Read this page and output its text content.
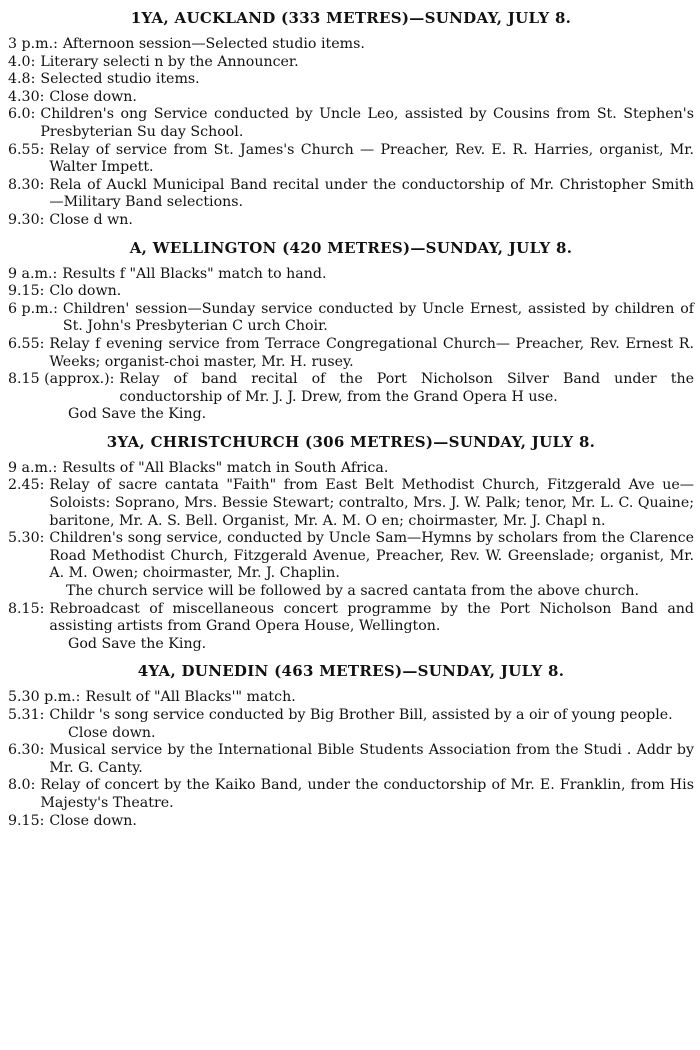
1YA, AUCKLAND (333 METRES)—SUNDAY, JULY 8.
3 p.m.: Afternoon session—Selected studio items.
4.0: Literary selecti n by the Announcer.
4.8: Selected studio items.
4.30: Close down.
6.0: Children's ong Service conducted by Uncle Leo, assisted by Cousins from St. Stephen's Presbyterian Su day School.
6.55: Relay of service from St. James's Church — Preacher, Rev. E. R. Harries, organist, Mr. Walter Impett.
8.30: Rela of Auckl Municipal Band recital under the conductorship of Mr. Christopher Smith—Military Band selections.
9.30: Close d wn.
A, WELLINGTON (420 METRES)—SUNDAY, JULY 8.
9 a.m.: Results f "All Blacks" match to hand.
9.15: Clo down.
6 p.m.: Children' session—Sunday service conducted by Uncle Ernest, assisted by children of St. John's Presbyterian C urch Choir.
6.55: Relay f evening service from Terrace Congregational Church— Preacher, Rev. Ernest R. Weeks; organist-choi master, Mr. H. rusey.
8.15 (approx.): Relay of band recital of the Port Nicholson Silver Band under the conductorship of Mr. J. J. Drew, from the Grand Opera H use.
God Save the King.
3YA, CHRISTCHURCH (306 METRES)—SUNDAY, JULY 8.
9 a.m.: Results of "All Blacks" match in South Africa.
2.45: Relay of sacre cantata "Faith" from East Belt Methodist Church, Fitzgerald Ave ue—Soloists: Soprano, Mrs. Bessie Stewart; contralto, Mrs. J. W. Palk; tenor, Mr. L. C. Quaine; baritone, Mr. A. S. Bell. Organist, Mr. A. M. O en; choirmaster, Mr. J. Chapl n.
5.30: Children's song service, conducted by Uncle Sam—Hymns by scholars from the Clarence Road Methodist Church, Fitzgerald Avenue, Preacher, Rev. W. Greenslade; organist, Mr. A. M. Owen; choirmaster, Mr. J. Chaplin.
The church service will be followed by a sacred cantata from the above church.
8.15: Rebroadcast of miscellaneous concert programme by the Port Nicholson Band and assisting artists from Grand Opera House, Wellington.
God Save the King.
4YA, DUNEDIN (463 METRES)—SUNDAY, JULY 8.
5.30 p.m.: Result of "All Blacks'" match.
5.31: Childr 's song service conducted by Big Brother Bill, assisted by a oir of young people.
Close down.
6.30: Musical service by the International Bible Students Association from the Studi . Addr by Mr. G. Canty.
8.0: Relay of concert by the Kaiko Band, under the conductorship of Mr. E. Franklin, from His Majesty's Theatre.
9.15: Close down.
